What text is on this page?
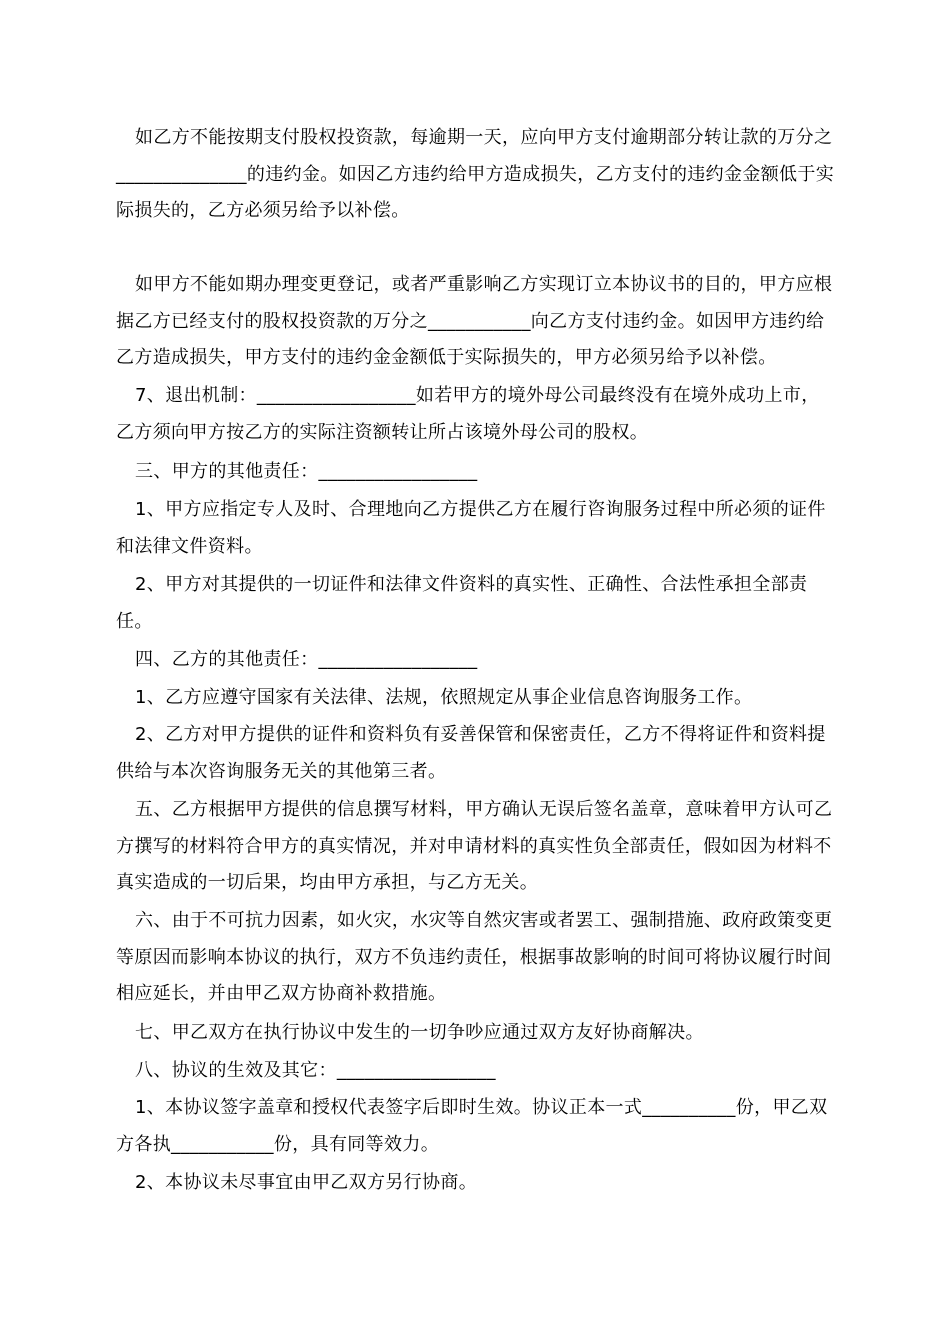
如乙方不能按期支付股权投资款，每逾期一天，应向甲方支付逾期部分转让款的万分之______________的违约金。如因乙方违约给甲方造成损失，乙方支付的违约金金额低于实际损失的，乙方必须另给予以补偿。

如甲方不能如期办理变更登记，或者严重影响乙方实现订立本协议书的目的，甲方应根据乙方已经支付的股权投资款的万分之___________向乙方支付违约金。如因甲方违约给乙方造成损失，甲方支付的违约金金额低于实际损失的，甲方必须另给予以补偿。

7、退出机制：_________________如若甲方的境外母公司最终没有在境外成功上市，乙方须向甲方按乙方的实际注资额转让所占该境外母公司的股权。

三、甲方的其他责任：_________________

1、甲方应指定专人及时、合理地向乙方提供乙方在履行咨询服务过程中所必须的证件和法律文件资料。

2、甲方对其提供的一切证件和法律文件资料的真实性、正确性、合法性承担全部责任。

四、乙方的其他责任：_________________

1、乙方应遵守国家有关法律、法规，依照规定从事企业信息咨询服务工作。

2、乙方对甲方提供的证件和资料负有妥善保管和保密责任，乙方不得将证件和资料提供给与本次咨询服务无关的其他第三者。

五、乙方根据甲方提供的信息撰写材料，甲方确认无误后签名盖章，意味着甲方认可乙方撰写的材料符合甲方的真实情况，并对申请材料的真实性负全部责任，假如因为材料不真实造成的一切后果，均由甲方承担，与乙方无关。

六、由于不可抗力因素，如火灾，水灾等自然灾害或者罢工、强制措施、政府政策变更等原因而影响本协议的执行，双方不负违约责任，根据事故影响的时间可将协议履行时间相应延长，并由甲乙双方协商补救措施。

七、甲乙双方在执行协议中发生的一切争吵应通过双方友好协商解决。

八、协议的生效及其它：_________________

1、本协议签字盖章和授权代表签字后即时生效。协议正本一式__________份，甲乙双方各执___________份，具有同等效力。

2、本协议未尽事宜由甲乙双方另行协商。
